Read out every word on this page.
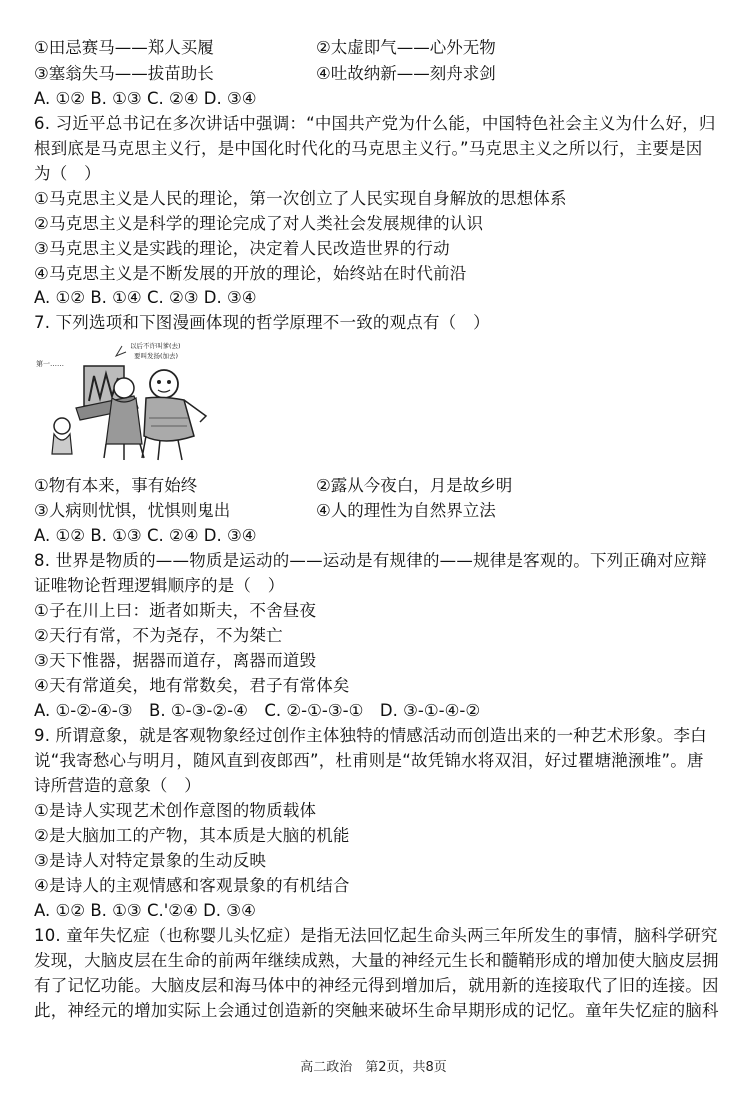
①田忌赛马——郑人买履	②太虚即气——心外无物
③塞翁失马——拔苗助长	④吐故纳新——刻舟求剑
A. ①② B. ①③ C. ②④ D. ③④
6. 习近平总书记在多次讲话中强调：“中国共产党为什么能，中国特色社会主义为什么好，归
根到底是马克思主义行，是中国化时代化的马克思主义行。”马克思主义之所以行，主要是因
为（　）
①马克思主义是人民的理论，第一次创立了人民实现自身解放的思想体系
②马克思主义是科学的理论完成了对人类社会发展规律的认识
③马克思主义是实践的理论，决定着人民改造世界的行动
④马克思主义是不断发展的开放的理论，始终站在时代前沿
A. ①② B. ①④ C. ②③ D. ③④
7. 下列选项和下图漫画体现的哲学原理不一致的观点有（　）
第一……
以后不许叫爹(去)
要叫发扬(加去)
①物有本来，事有始终	②露从今夜白，月是故乡明
③人病则忧惧，忧惧则鬼出	④人的理性为自然界立法
A. ①② B. ①③ C. ②④ D. ③④
8. 世界是物质的——物质是运动的——运动是有规律的——规律是客观的。下列正确对应辩
证唯物论哲理逻辑顺序的是（　）
①子在川上曰：逝者如斯夫，不舍昼夜
②天行有常，不为尧存，不为桀亡
③天下惟器，据器而道存，离器而道毁
④天有常道矣，地有常数矣，君子有常体矣
A. ①-②-④-③　B. ①-③-②-④　C. ②-①-③-①　D. ③-①-④-②
9. 所谓意象，就是客观物象经过创作主体独特的情感活动而创造出来的一种艺术形象。李白
说“我寄愁心与明月，随风直到夜郎西”，杜甫则是“故凭锦水将双泪，好过瞿塘滟滪堆”。唐
诗所营造的意象（　）
①是诗人实现艺术创作意图的物质载体
②是大脑加工的产物，其本质是大脑的机能
③是诗人对特定景象的生动反映
④是诗人的主观情感和客观景象的有机结合
A. ①② B. ①③ C.'②④ D. ③④
10. 童年失忆症（也称婴儿头忆症）是指无法回忆起生命头两三年所发生的事情，脑科学研究
发现，大脑皮层在生命的前两年继续成熟，大量的神经元生长和髓鞘形成的增加使大脑皮层拥
有了记忆功能。大脑皮层和海马体中的神经元得到增加后，就用新的连接取代了旧的连接。因
此，神经元的增加实际上会通过创造新的突触来破坏生命早期形成的记忆。童年失忆症的脑科
高二政治　第2页，共8页
